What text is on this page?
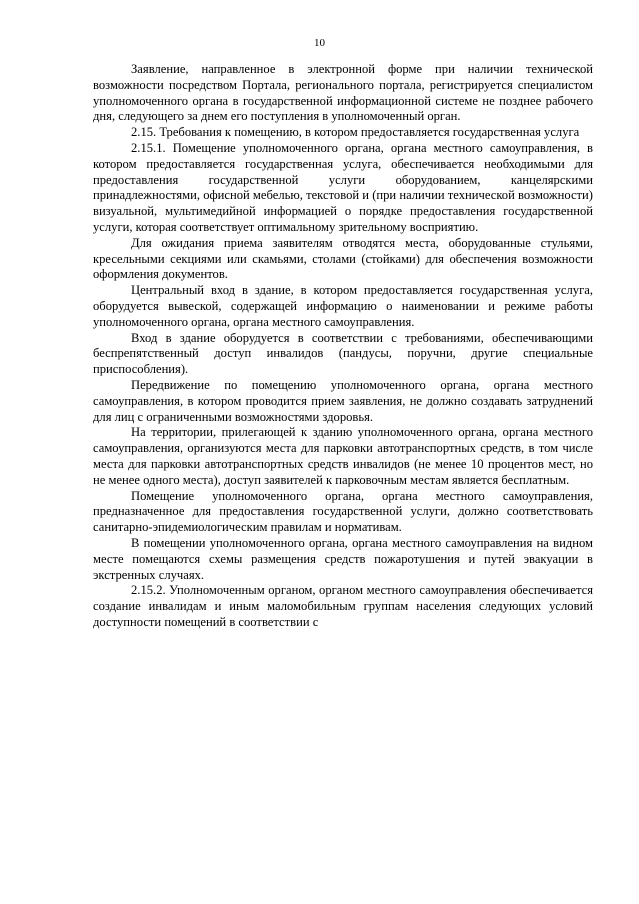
10

Заявление, направленное в электронной форме при наличии технической возможности посредством Портала, регионального портала, регистрируется специалистом уполномоченного органа в государственной информационной системе не позднее рабочего дня, следующего за днем его поступления в уполномоченный орган.

2.15. Требования к помещению, в котором предоставляется государственная услуга

2.15.1. Помещение уполномоченного органа, органа местного самоуправления, в котором предоставляется государственная услуга, обеспечивается необходимыми для предоставления государственной услуги оборудованием, канцелярскими принадлежностями, офисной мебелью, текстовой и (при наличии технической возможности) визуальной, мультимедийной информацией о порядке предоставления государственной услуги, которая соответствует оптимальному зрительному восприятию.

Для ожидания приема заявителям отводятся места, оборудованные стульями, кресельными секциями или скамьями, столами (стойками) для обеспечения возможности оформления документов.

Центральный вход в здание, в котором предоставляется государственная услуга, оборудуется вывеской, содержащей информацию о наименовании и режиме работы уполномоченного органа, органа местного самоуправления.

Вход в здание оборудуется в соответствии с требованиями, обеспечивающими беспрепятственный доступ инвалидов (пандусы, поручни, другие специальные приспособления).

Передвижение по помещению уполномоченного органа, органа местного самоуправления, в котором проводится прием заявления, не должно создавать затруднений для лиц с ограниченными возможностями здоровья.

На территории, прилегающей к зданию уполномоченного органа, органа местного самоуправления, организуются места для парковки автотранспортных средств, в том числе места для парковки автотранспортных средств инвалидов (не менее 10 процентов мест, но не менее одного места), доступ заявителей к парковочным местам является бесплатным.

Помещение уполномоченного органа, органа местного самоуправления, предназначенное для предоставления государственной услуги, должно соответствовать санитарно-эпидемиологическим правилам и нормативам.

В помещении уполномоченного органа, органа местного самоуправления на видном месте помещаются схемы размещения средств пожаротушения и путей эвакуации в экстренных случаях.

2.15.2. Уполномоченным органом, органом местного самоуправления обеспечивается создание инвалидам и иным маломобильным группам населения следующих условий доступности помещений в соответствии с
